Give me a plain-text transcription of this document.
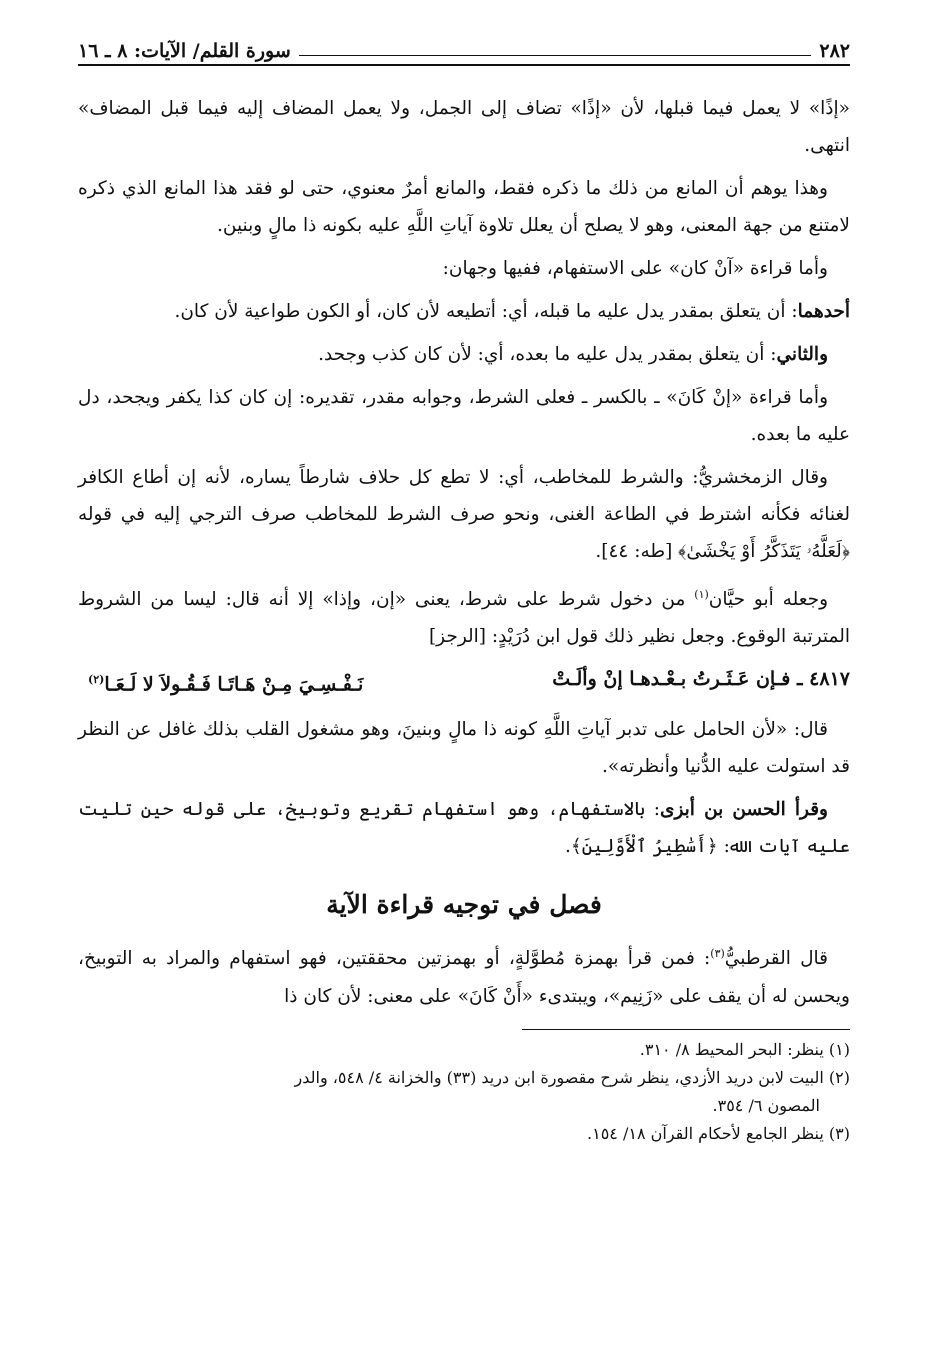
٢٨٢
سورة القلم/ الآيات: ٨ ـ ١٦

«إذًا» لا يعمل فيما قبلها، لأن «إذًا» تضاف إلى الجمل، ولا يعمل المضاف إليه فيما قبل المضاف» انتهى.

وهذا يوهم أن المانع من ذلك ما ذكره فقط، والمانع أمرٌ معنوي، حتى لو فقد هذا المانع الذي ذكره لامتنع من جهة المعنى، وهو لا يصلح أن يعلل تلاوة آياتِ اللَّهِ عليه بكونه ذا مالٍ وبنين.

وأما قراءة «آنْ كان» على الاستفهام، ففيها وجهان:

أحدهما: أن يتعلق بمقدر يدل عليه ما قبله، أي: أتطيعه لأن كان، أو الكون طواعية لأن كان.

والثاني: أن يتعلق بمقدر يدل عليه ما بعده، أي: لأن كان كذب وجحد.

وأما قراءة «إنْ كَانَ» ـ بالكسر ـ فعلى الشرط، وجوابه مقدر، تقديره: إن كان كذا يكفر ويجحد، دل عليه ما بعده.

وقال الزمخشريُّ: والشرط للمخاطب، أي: لا تطع كل حلاف شارطاً يساره، لأنه إن أطاع الكافر لغنائه فكأنه اشترط في الطاعة الغنى، ونحو صرف الشرط للمخاطب صرف الترجي إليه في قوله ﴿لَعَلَّهُۥ يَتَذَكَّرُ أَوْ يَخْشَىٰ﴾ [طه: ٤٤].

وجعله أبو حيَّان$^{(١)}$ من دخول شرط على شرط، يعنى «إن، وإذا» إلا أنه قال: ليسا من الشروط المترتبة الوقوع. وجعل نظير ذلك قول ابن دُرَيْدٍ: [الرجز]

٤٨١٧ ـ فـإن عَـثَـرتُ بـعْـدهـا إنْ وألَـتْ
نَـفْـسِـيَ مِـنْ هَـاتَـا فَـقُـولاَ لا لَـعَـا$^{(٢)}$

قال: «لأن الحامل على تدبر آياتِ اللَّهِ كونه ذا مالٍ وبنينَ، وهو مشغول القلب بذلك غافل عن النظر قد استولت عليه الدُّنيا وأنظرته».

وقرأ الحسن بن أبزى: بالاستفهام، وهو استفهام تقريع وتوبيخ، على قوله حين تليت عليه آيات الله: ﴿أَسَٰطِيرُ ٱلْأَوَّلِينَ﴾.

فصل في توجيه قراءة الآية

قال القرطبيُّ$^{(٣)}$: فمن قرأ بهمزة مُطوَّلةٍ، أو بهمزتين محققتين، فهو استفهام والمراد به التوبيخ، ويحسن له أن يقف على «زَنِيم»، ويبتدىء «أَنْ كَانَ» على معنى: لأن كان ذا

(١) ينظر: البحر المحيط ٨/ ٣١٠.
(٢) البيت لابن دريد الأزدي، ينظر شرح مقصورة ابن دريد (٣٣) والخزانة ٤/ ٥٤٨، والدر
المصون ٦/ ٣٥٤.
(٣) ينظر الجامع لأحكام القرآن ١٨/ ١٥٤.
